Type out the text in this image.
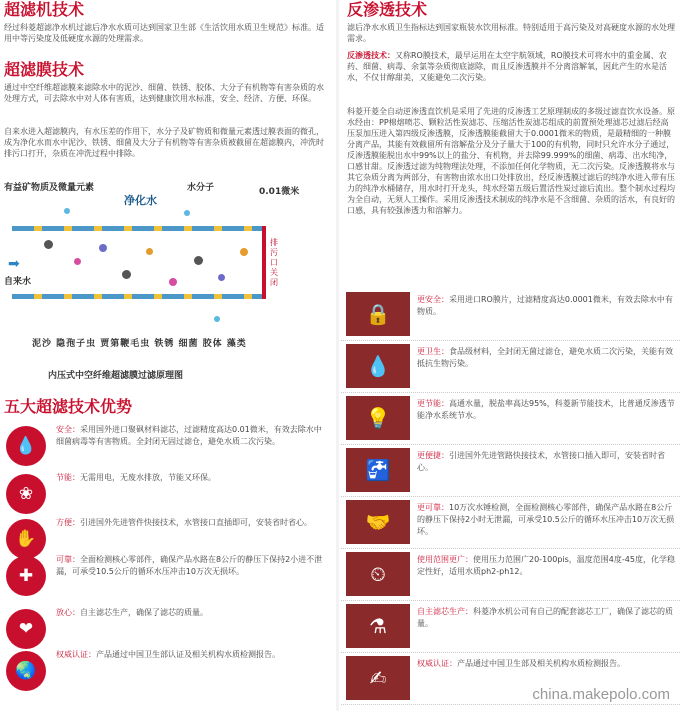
超滤机技术

经过科菱超滤净水机过滤后净水水质可达到国家卫生部《生活饮用水质卫生规范》标准。适用中等污染度及低硬度水源的处理需求。

超滤膜技术

通过中空纤维超滤膜来滤除水中的泥沙、细菌、铁锈、胶体、大分子有机物等有害杂质的水处理方式，可去除水中对人体有害质，达到健康饮用水标准，安全、经济、方便、环保。

自来水进入超滤膜内，有水压差的作用下，水分子及矿物质和微量元素透过膜表面的微孔，成为净化水而水中泥沙、铁锈、细菌及大分子有机物等有害杂质被截留在超滤膜内，冲洗时排污口打开，杂质在冲洗过程中排除。

有益矿物质及微量元素
净化水
水分子	0.01微米
排污口关闭
➡
自来水
泥沙 隐孢子虫 贾第鞭毛虫 铁锈 细菌 胶体 藻类
内压式中空纤维超滤膜过滤原理图
五大超滤技术优势
💧
安全：采用国外进口聚砜材料滤芯，过滤精度高达0.01微米，有效去除水中细菌病毒等有害物质。全封闭无固过滤仓，避免水质二次污染。
❀
节能：无需用电，无废水排放，节能又环保。
✋
方便：引进国外先进管件快接技术，水管接口直插即可，安装省时省心。
✚
可靠：全面检测核心零部件，确保产品水路在8公斤的静压下保持2小进不泄漏，可承受10.5公斤的循环水压冲击10万次无损坏。
❤
放心：自主滤芯生产，确保了滤芯的质量。
🌏
权威认证：产品通过中国卫生部认证及相关机构水质检测报告。
反渗透技术

滤后净水水质卫生指标达到国家瓶装水饮用标准。特别适用于高污染及对高硬度水源的水处理需求。

反渗透技术：又称RO膜技术，最早运用在太空宇航领域，RO膜技术可将水中的重金属、农药、细菌、病毒、余氯等杂质彻底滤除，而且反渗透膜并不分离溶解氧，因此产生的水是活水，不仅甘醇甜美，又能避免二次污染。

科菱开菱全自动逆渗透直饮机是采用了先进的反渗透工艺原理制成的多级过滤直饮水设备。原水经由：PP棉熔喷芯、颗粒活性炭滤芯、压缩活性炭滤芯组成的前置预处理滤芯过滤后经高压泵加压进入第四级反渗透膜，反渗透膜能截留大于0.0001微米的物质，是最精细的一种膜分离产品，其能有效截留所有溶解盐分及分子量大于100的有机物，同时只允许水分子通过，反渗透膜能脱出水中99%以上的盐分、有机物，并去除99.999%的细菌、病毒、出水纯净，口感甘甜。反渗透过滤为纯物理法处理，不添加任何化学物质，无二次污染。反渗透膜将水与其它杂质分离为两部分，有害物由浓水出口处排放出，经反渗透膜过滤后的纯净水进入带有压力的纯净水桶储存，用水时打开龙头，纯水经第五级后置活性炭过滤后流出。整个制水过程均为全自动，无须人工操作。采用反渗透技术制成的纯净水是不含细菌、杂质的活水，有良好的口感，具有较强渗透力和溶解力。

🔒
更安全：采用进口RO膜片，过滤精度高达0.0001微米，有效去除水中有物质。
💧
更卫生：食品级材料，全封闭无菌过滤仓，避免水质二次污染，关能有效抵抗生物污染。
💡
更节能：高通水量，脱盐率高达95%，科菱新节能技术，比普通反渗透节能净水系统节水。
🚰
更便捷：引进国外先进管路快接技术，水管接口插入即可，安装省时省心。
🤝
更可靠：10万次水锤检测，全面检测核心零部件，确保产品水路在8公斤的静压下保持2小时无泄漏，可承受10.5公斤的循环水压冲击10万次无损坏。
⏲
使用范围更广：使用压力范围广20-100pis，温度范围4度-45度，化学稳定性好，适用水质ph2-ph12。
⚗
自主滤芯生产：科菱净水机公司有自己的配套滤芯工厂，确保了滤芯的质量。
✍
权威认证：产品通过中国卫生部及相关机构水质检测报告。
china.makepolo.com
